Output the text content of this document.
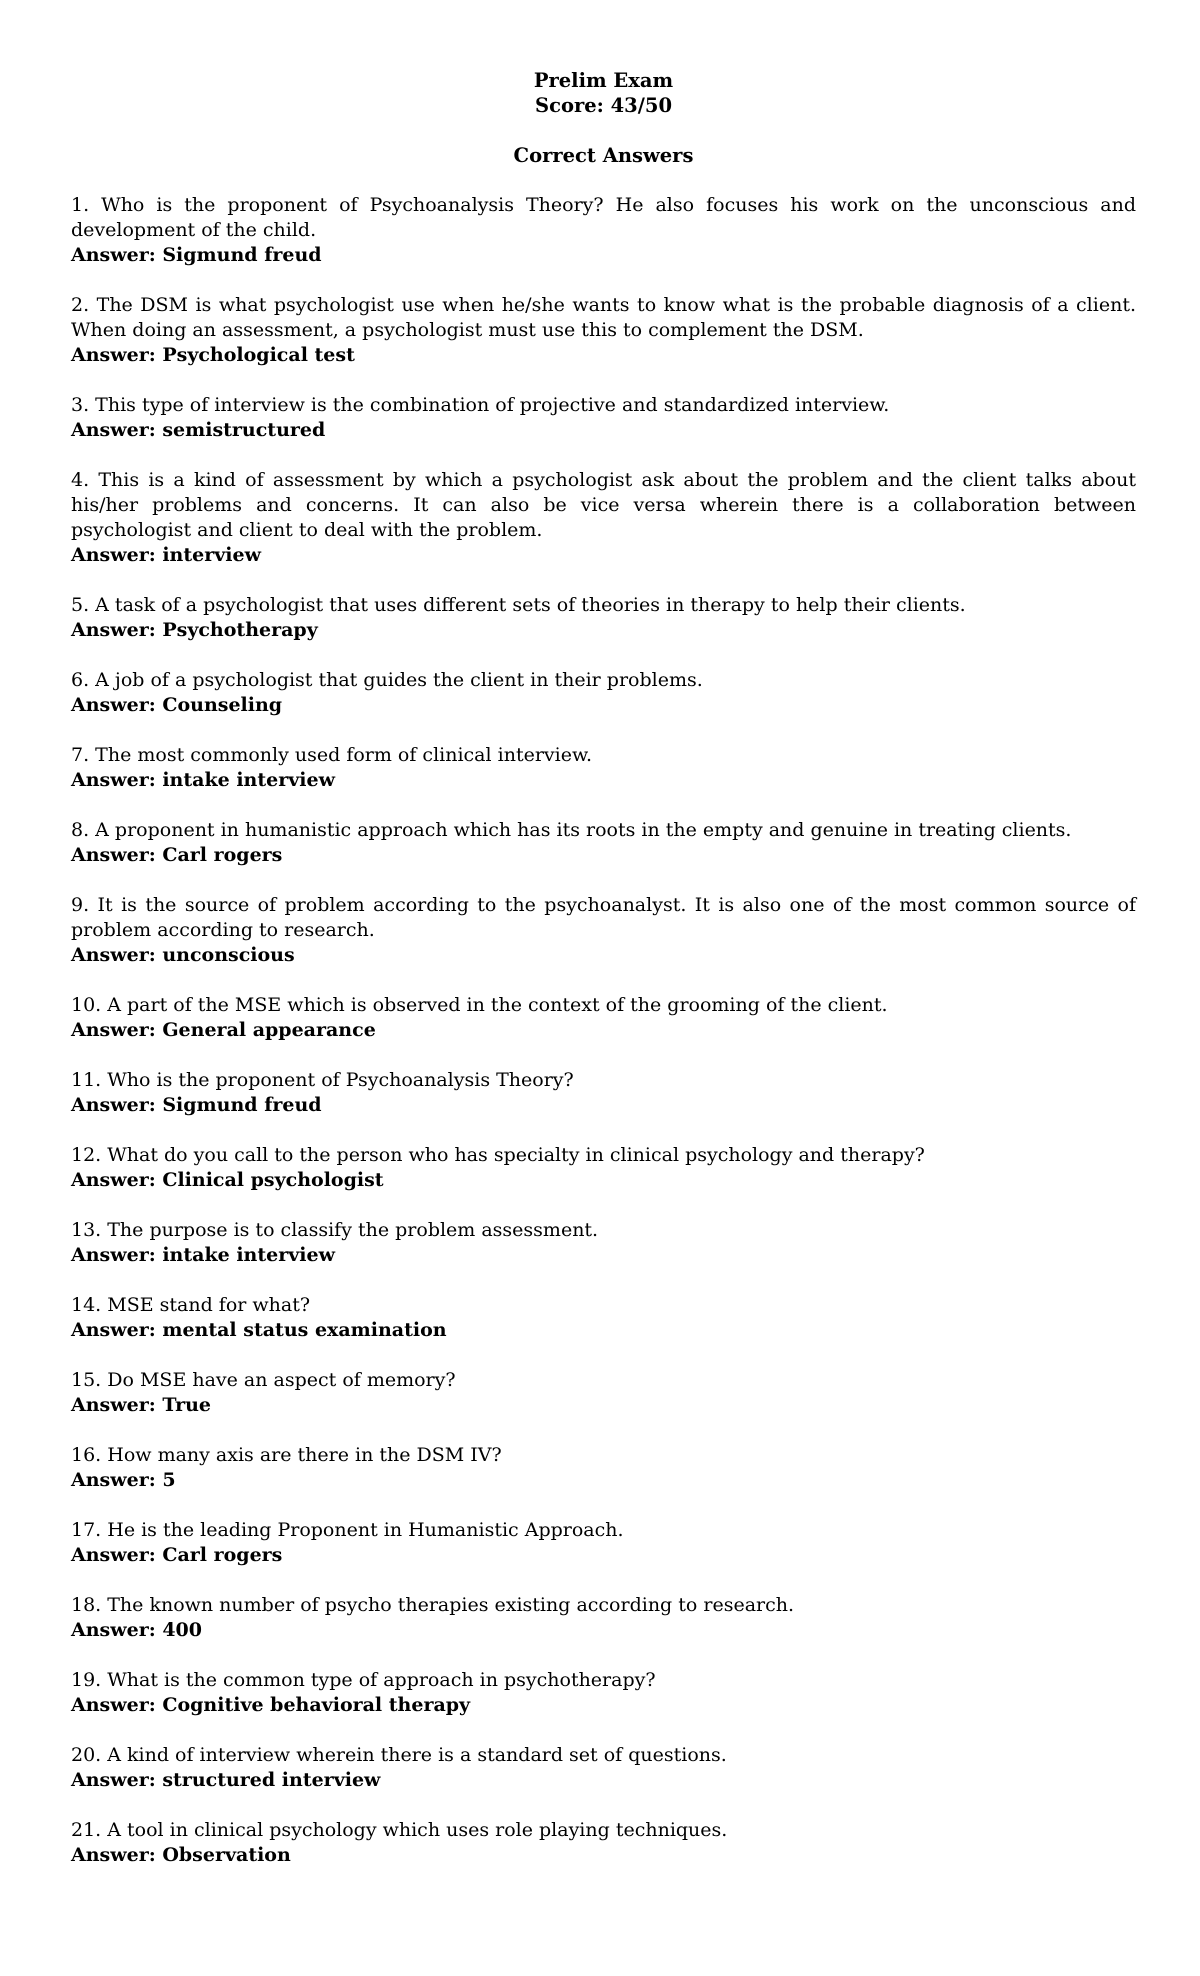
Prelim Exam
Score: 43/50
Correct Answers
1. Who is the proponent of Psychoanalysis Theory? He also focuses his work on the unconscious and development of the child.
Answer: Sigmund freud
2. The DSM is what psychologist use when he/she wants to know what is the probable diagnosis of a client. When doing an assessment, a psychologist must use this to complement the DSM.
Answer: Psychological test
3. This type of interview is the combination of projective and standardized interview.
Answer: semistructured
4. This is a kind of assessment by which a psychologist ask about the problem and the client talks about his/her problems and concerns. It can also be vice versa wherein there is a collaboration between psychologist and client to deal with the problem.
Answer: interview
5. A task of a psychologist that uses different sets of theories in therapy to help their clients.
Answer: Psychotherapy
6. A job of a psychologist that guides the client in their problems.
Answer: Counseling
7. The most commonly used form of clinical interview.
Answer: intake interview
8. A proponent in humanistic approach which has its roots in the empty and genuine in treating clients.
Answer: Carl rogers
9. It is the source of problem according to the psychoanalyst. It is also one of the most common source of problem according to research.
Answer: unconscious
10. A part of the MSE which is observed in the context of the grooming of the client.
Answer: General appearance
11. Who is the proponent of Psychoanalysis Theory?
Answer: Sigmund freud
12. What do you call to the person who has specialty in clinical psychology and therapy?
Answer: Clinical psychologist
13. The purpose is to classify the problem assessment.
Answer: intake interview
14. MSE stand for what?
Answer: mental status examination
15. Do MSE have an aspect of memory?
Answer: True
16. How many axis are there in the DSM IV?
Answer: 5
17. He is the leading Proponent in Humanistic Approach.
Answer: Carl rogers
18. The known number of psycho therapies existing according to research.
Answer: 400
19. What is the common type of approach in psychotherapy?
Answer: Cognitive behavioral therapy
20. A kind of interview wherein there is a standard set of questions.
Answer: structured interview
21. A tool in clinical psychology which uses role playing techniques.
Answer: Observation
